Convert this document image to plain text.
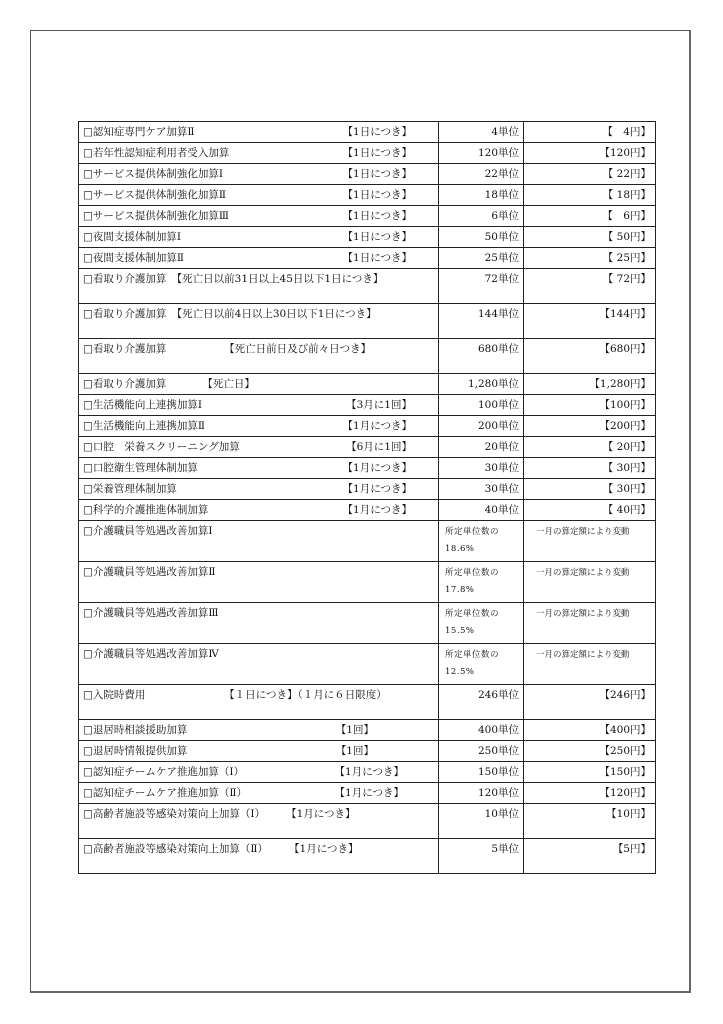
□認知症専門ケア加算Ⅱ 【1日につき】	4単位	【　4円】

□若年性認知症利用者受入加算 【1日につき】	120単位	【120円】

□サービス提供体制強化加算Ⅰ 【1日につき】	22単位	【 22円】

□サービス提供体制強化加算Ⅱ 【1日につき】	18単位	【 18円】

□サービス提供体制強化加算Ⅲ 【1日につき】	6単位	【　6円】

□夜間支援体制加算Ⅰ 【1日につき】	50単位	【 50円】

□夜間支援体制加算Ⅱ 【1日につき】	25単位	【 25円】
□看取り介護加算　【死亡日以前31日以上45日以下1日につき】	72単位	【 72円】
□看取り介護加算　【死亡日以前4日以上30日以下1日につき】	144単位	【144円】
□看取り介護加算　　　　　　【死亡日前日及び前々日つき】	680単位	【680円】

□看取り介護加算 【死亡日】	1,280単位	【1,280円】

□生活機能向上連携加算Ⅰ 【3月に1回】	100単位	【100円】

□生活機能向上連携加算Ⅱ 【1月につき】	200単位	【200円】

□口腔　栄養スクリーニング加算 【6月に1回】	20単位	【 20円】

□口腔衛生管理体制加算 【1月につき】	30単位	【 30円】

□栄養管理体制加算 【1月につき】	30単位	【 30円】

□科学的介護推進体制加算 【1月につき】	40単位	【 40円】
□介護職員等処遇改善加算Ⅰ	所定単位数の18.6%	一月の算定額により変動
□介護職員等処遇改善加算Ⅱ	所定単位数の17.8%	一月の算定額により変動
□介護職員等処遇改善加算Ⅲ	所定単位数の15.5%	一月の算定額により変動
□介護職員等処遇改善加算Ⅳ	所定単位数の12.5%	一月の算定額により変動
□入院時費用　　　　　　　　【１日につき】（１月に６日限度）	246単位	【246円】

□退居時相談援助加算 【1回】	400単位	【400円】

□退居時情報提供加算 【1回】	250単位	【250円】

□認知症チームケア推進加算（Ⅰ） 【1月につき】	150単位	【150円】

□認知症チームケア推進加算（Ⅱ） 【1月につき】	120単位	【120円】
□高齢者施設等感染対策向上加算（Ⅰ）　　　【1月につき】	10単位	【10円】
□高齢者施設等感染対策向上加算（Ⅱ）　　　【1月につき】	5単位	【5円】
